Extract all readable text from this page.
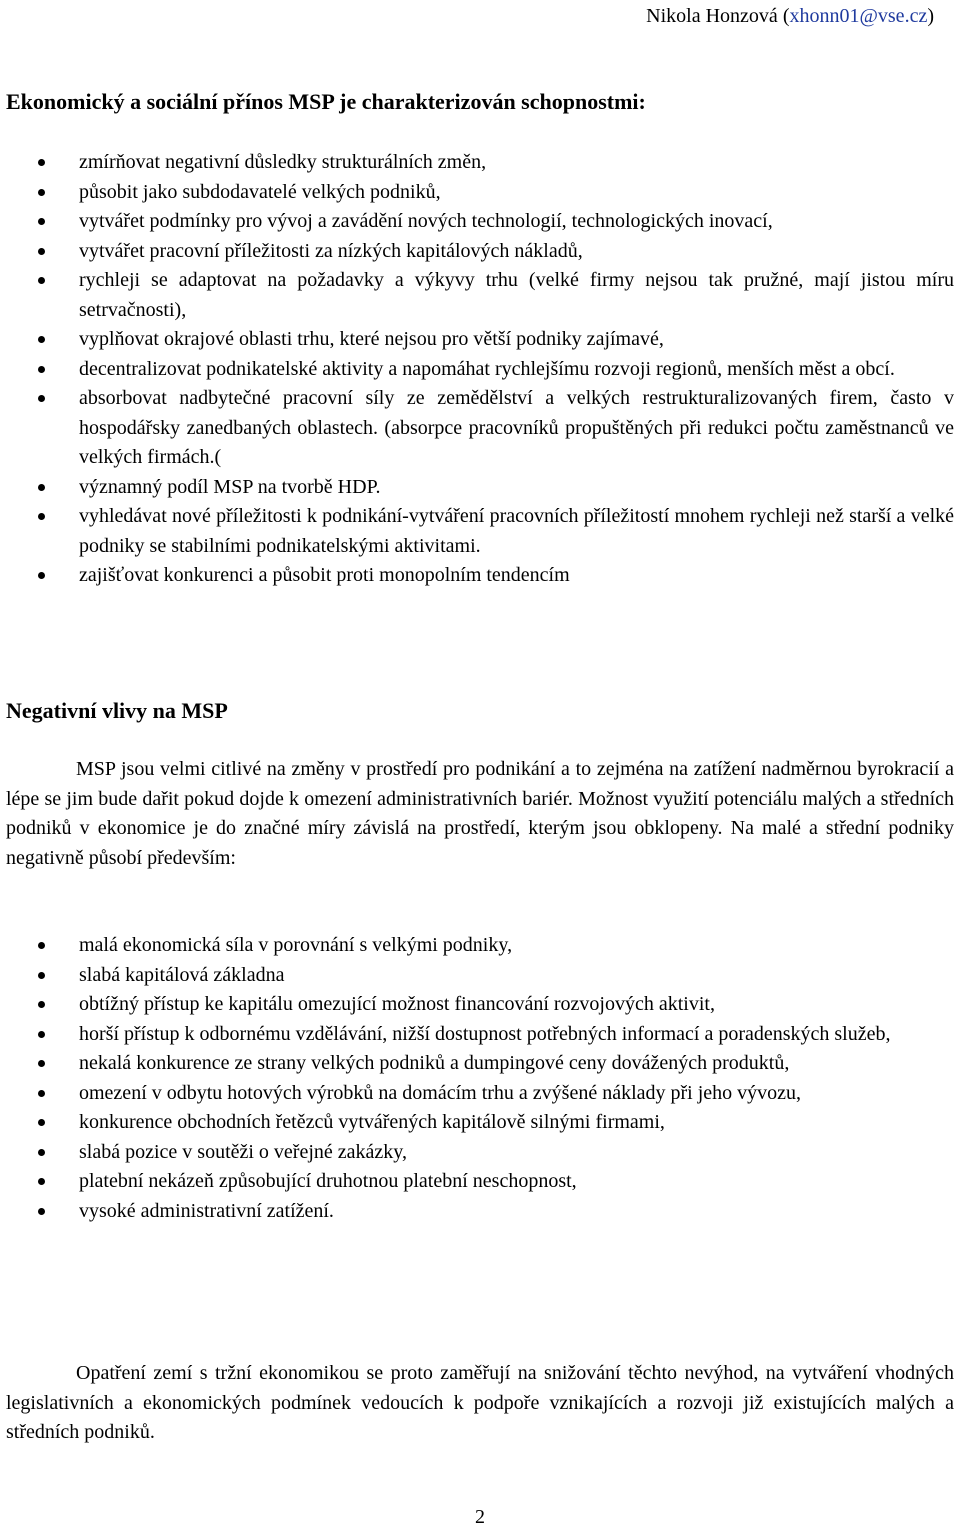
Nikola Honzová (xhonn01@vse.cz)
Ekonomický a sociální přínos MSP je charakterizován schopnostmi:
zmírňovat negativní důsledky strukturálních změn,
působit jako subdodavatelé velkých podniků,
vytvářet podmínky pro vývoj a zavádění nových technologií, technologických inovací,
vytvářet pracovní příležitosti za nízkých kapitálových nákladů,
rychleji se adaptovat na požadavky a výkyvy trhu (velké firmy nejsou tak pružné, mají jistou míru setrvačnosti),
vyplňovat okrajové oblasti trhu, které nejsou pro větší podniky zajímavé,
decentralizovat podnikatelské aktivity a napomáhat rychlejšímu rozvoji regionů, menších měst a obcí.
absorbovat nadbytečné pracovní síly ze zemědělství a velkých restrukturalizovaných firem, často v hospodářsky zanedbaných oblastech. (absorpce pracovníků propuštěných při redukci počtu zaměstnanců ve velkých firmách.(
významný podíl MSP na tvorbě HDP.
vyhledávat nové příležitosti k podnikání-vytváření pracovních příležitostí mnohem rychleji než starší a velké podniky se stabilními podnikatelskými aktivitami.
zajišťovat konkurenci a působit proti monopolním tendencím
Negativní vlivy na MSP

MSP jsou velmi citlivé na změny v prostředí pro podnikání a to zejména na zatížení nadměrnou byrokracií a lépe se jim bude dařit pokud dojde k omezení administrativních bariér. Možnost využití potenciálu malých a středních podniků v ekonomice je do značné míry závislá na prostředí, kterým jsou obklopeny. Na malé a střední podniky negativně působí především:

malá ekonomická síla v porovnání s velkými podniky,
slabá kapitálová základna
obtížný přístup ke kapitálu omezující možnost financování rozvojových aktivit,
horší přístup k odbornému vzdělávání, nižší dostupnost potřebných informací a poradenských služeb,
nekalá konkurence ze strany velkých podniků a dumpingové ceny dovážených produktů,
omezení v odbytu hotových výrobků na domácím trhu a zvýšené náklady při jeho vývozu,
konkurence obchodních řetězců vytvářených kapitálově silnými firmami,
slabá pozice v soutěži o veřejné zakázky,
platební nekázeň způsobující druhotnou platební neschopnost,
vysoké administrativní zatížení.

Opatření zemí s tržní ekonomikou se proto zaměřují na snižování těchto nevýhod, na vytváření vhodných legislativních a ekonomických podmínek vedoucích k podpoře vznikajících a rozvoji již existujících malých a středních podniků.

2
